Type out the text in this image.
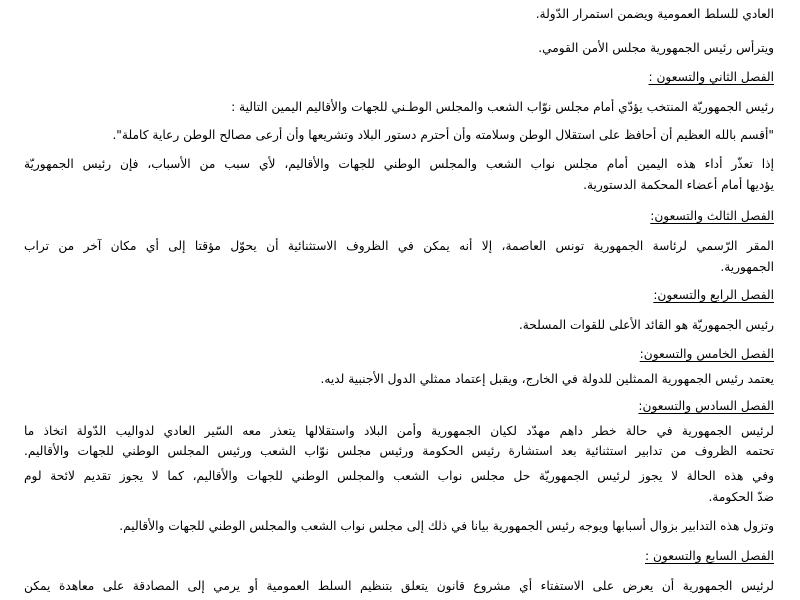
العادي للسلط العمومية ويضمن استمرار الدّولة.
ويترأس رئيس الجمهورية مجلس الأمن القومي.
الفصل الثاني والتسعون :
رئيس الجمهوريّة المنتخب يؤدّي أمام مجلس نوّاب الشعب والمجلس الوطـني للجهات والأقاليم اليمين التالية :
"أقسم بالله العظيم أن أحافظ على استقلال الوطن وسلامته وأن أحترم دستور البلاد وتشريعها وأن أرعى مصالح الوطن رعاية كاملة".
إذا تعذّر أداء هذه اليمين أمام مجلس نواب الشعب والمجلس الوطني للجهات والأقاليم، لأي سبب من الأسباب، فإن رئيس الجمهوريّة
يؤديها أمام أعضاء المحكمة الدستورية.
الفصل الثالث والتسعون:
المقر الرّسمي لرئاسة الجمهورية تونس العاصمة، إلا أنه يمكن في الظروف الاستثنائية أن يحوّل مؤقتا إلى أي مكان آخر من تراب
الجمهورية.
الفصل الرابع والتسعون:
رئيس الجمهوريّة هو القائد الأعلى للقوات المسلحة.
الفصل الخامس والتسعون:
يعتمد رئيس الجمهورية الممثلين للدولة في الخارج، ويقبل إعتماد ممثلي الدول الأجنبية لديه.
الفصل السادس والتسعون:
لرئيس الجمهورية في حالة خطر داهم مهدّد لكيان الجمهورية وأمن البلاد واستقلالها يتعذر معه السّير العادي لدواليب الدّولة اتخاذ ما
تحتمه الظروف من تدابير استثنائية بعد استشارة رئيس الحكومة ورئيس مجلس نوّاب الشعب ورئيس المجلس الوطني للجهات والأقاليم.
وفي هذه الحالة لا يجوز لرئيس الجمهوريّة حل مجلس نواب الشعب والمجلس الوطني للجهات والأقاليم، كما لا يجوز تقديم لائحة لوم
ضدّ الحكومة.
وتزول هذه التدابير بزوال أسبابها ويوجه رئيس الجمهورية بيانا في ذلك إلى مجلس نواب الشعب والمجلس الوطني للجهات والأقاليم.
الفصل السابع والتسعون :
لرئيس الجمهورية أن يعرض على الاستفتاء أي مشروع قانون يتعلق بتنظيم السلط العمومية أو يرمي إلى المصادقة على معاهدة يمكن
